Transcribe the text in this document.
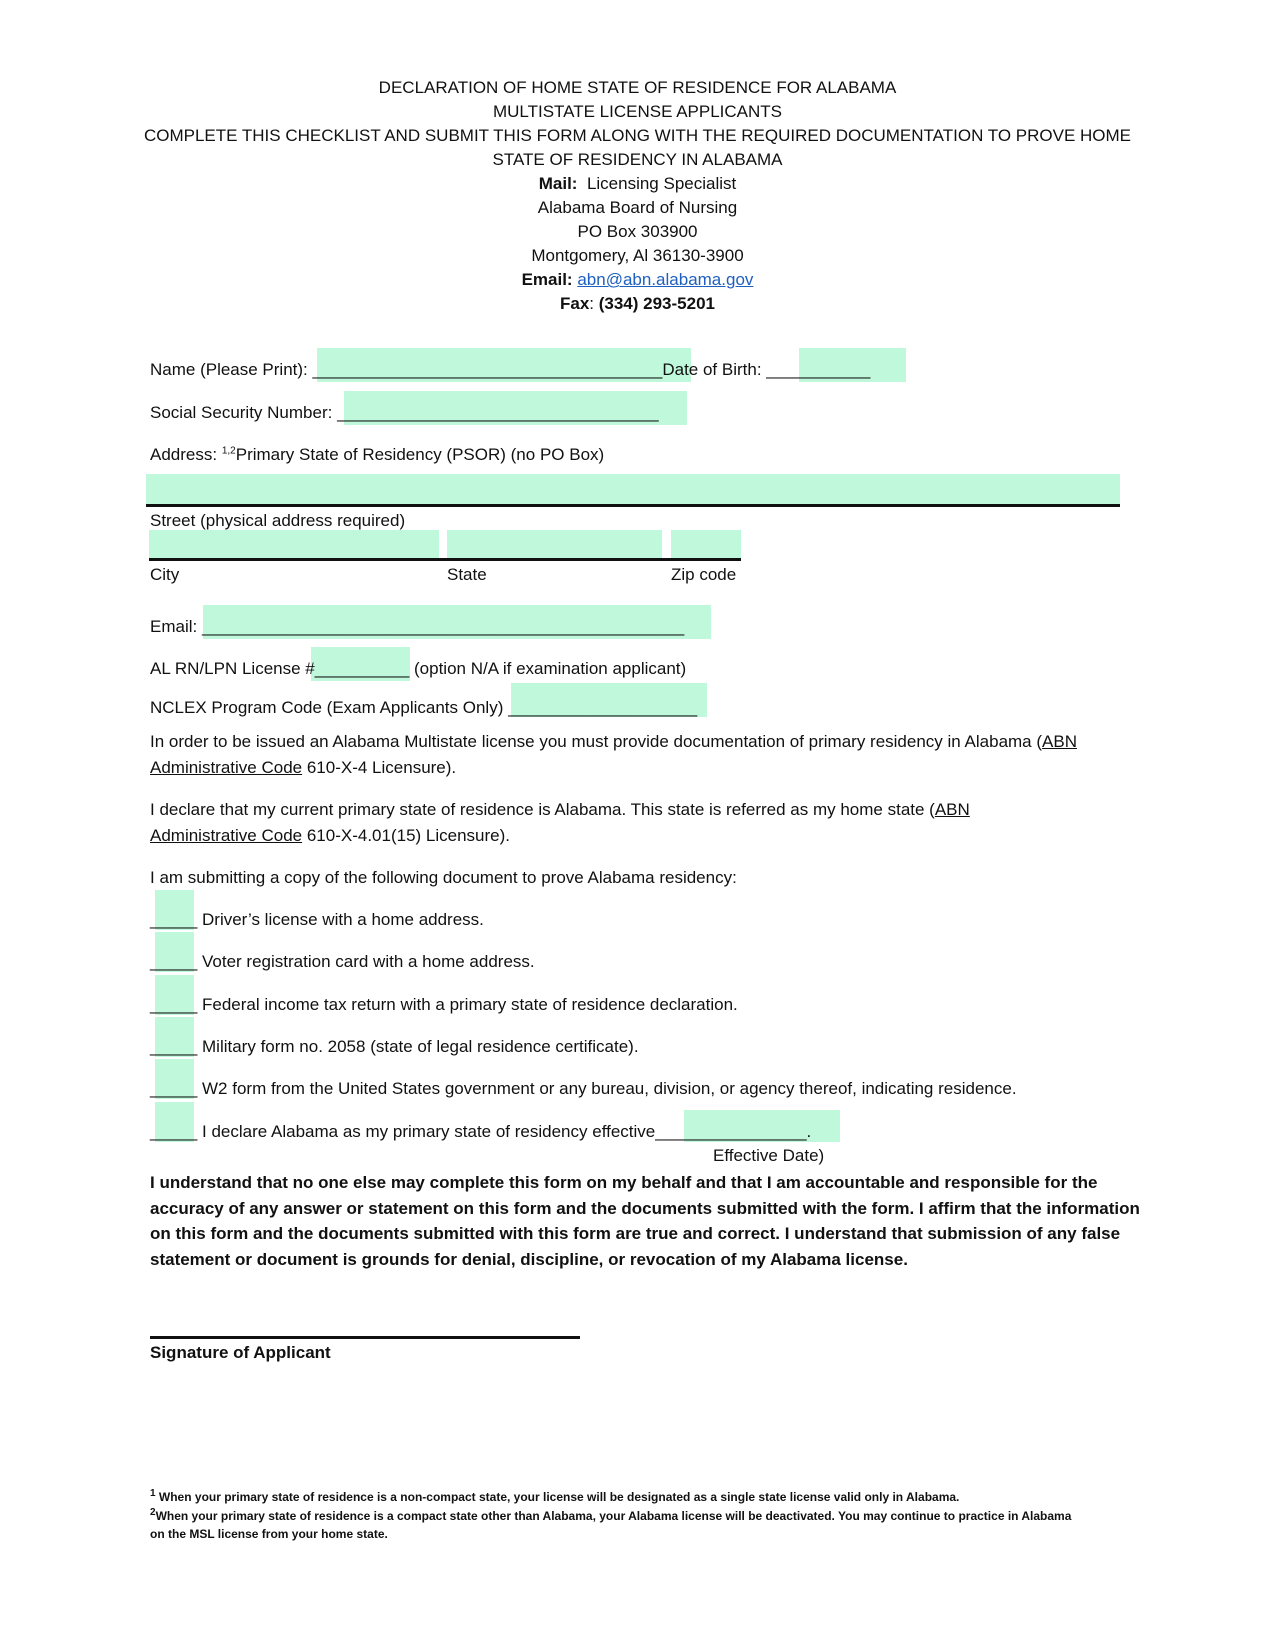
DECLARATION OF HOME STATE OF RESIDENCE FOR ALABAMA
MULTISTATE LICENSE APPLICANTS
COMPLETE THIS CHECKLIST AND SUBMIT THIS FORM ALONG WITH THE REQUIRED DOCUMENTATION TO PROVE HOME
STATE OF RESIDENCY IN ALABAMA
Mail: Licensing Specialist
Alabama Board of Nursing
PO Box 303900
Montgomery, Al 36130-3900
Email: abn@abn.alabama.gov
Fax: (334) 293-5201
Name (Please Print): _____________________________________Date of Birth: ___________
Social Security Number: __________________________________
Address: $^{1,2}$Primary State of Residency (PSOR) (no PO Box)
Street (physical address required)
City	State	Zip code
Email: ___________________________________________________
AL RN/LPN License #__________ (option N/A if examination applicant)
NCLEX Program Code (Exam Applicants Only) ____________________
In order to be issued an Alabama Multistate license you must provide documentation of primary residency in Alabama (ABN Administrative Code 610-X-4 Licensure).
I declare that my current primary state of residence is Alabama. This state is referred as my home state (ABN Administrative Code 610-X-4.01(15) Licensure).
I am submitting a copy of the following document to prove Alabama residency:
_____ Driver’s license with a home address.
_____ Voter registration card with a home address.
_____ Federal income tax return with a primary state of residence declaration.
_____ Military form no. 2058 (state of legal residence certificate).
_____ W2 form from the United States government or any bureau, division, or agency thereof, indicating residence.
_____ I declare Alabama as my primary state of residency effective________________.
Effective Date)
I understand that no one else may complete this form on my behalf and that I am accountable and responsible for the accuracy of any answer or statement on this form and the documents submitted with the form. I affirm that the information on this form and the documents submitted with this form are true and correct. I understand that submission of any false statement or document is grounds for denial, discipline, or revocation of my Alabama license.
Signature of Applicant
$^1$ When your primary state of residence is a non-compact state, your license will be designated as a single state license valid only in Alabama.
$^2$When your primary state of residence is a compact state other than Alabama, your Alabama license will be deactivated. You may continue to practice in Alabama on the MSL license from your home state.
